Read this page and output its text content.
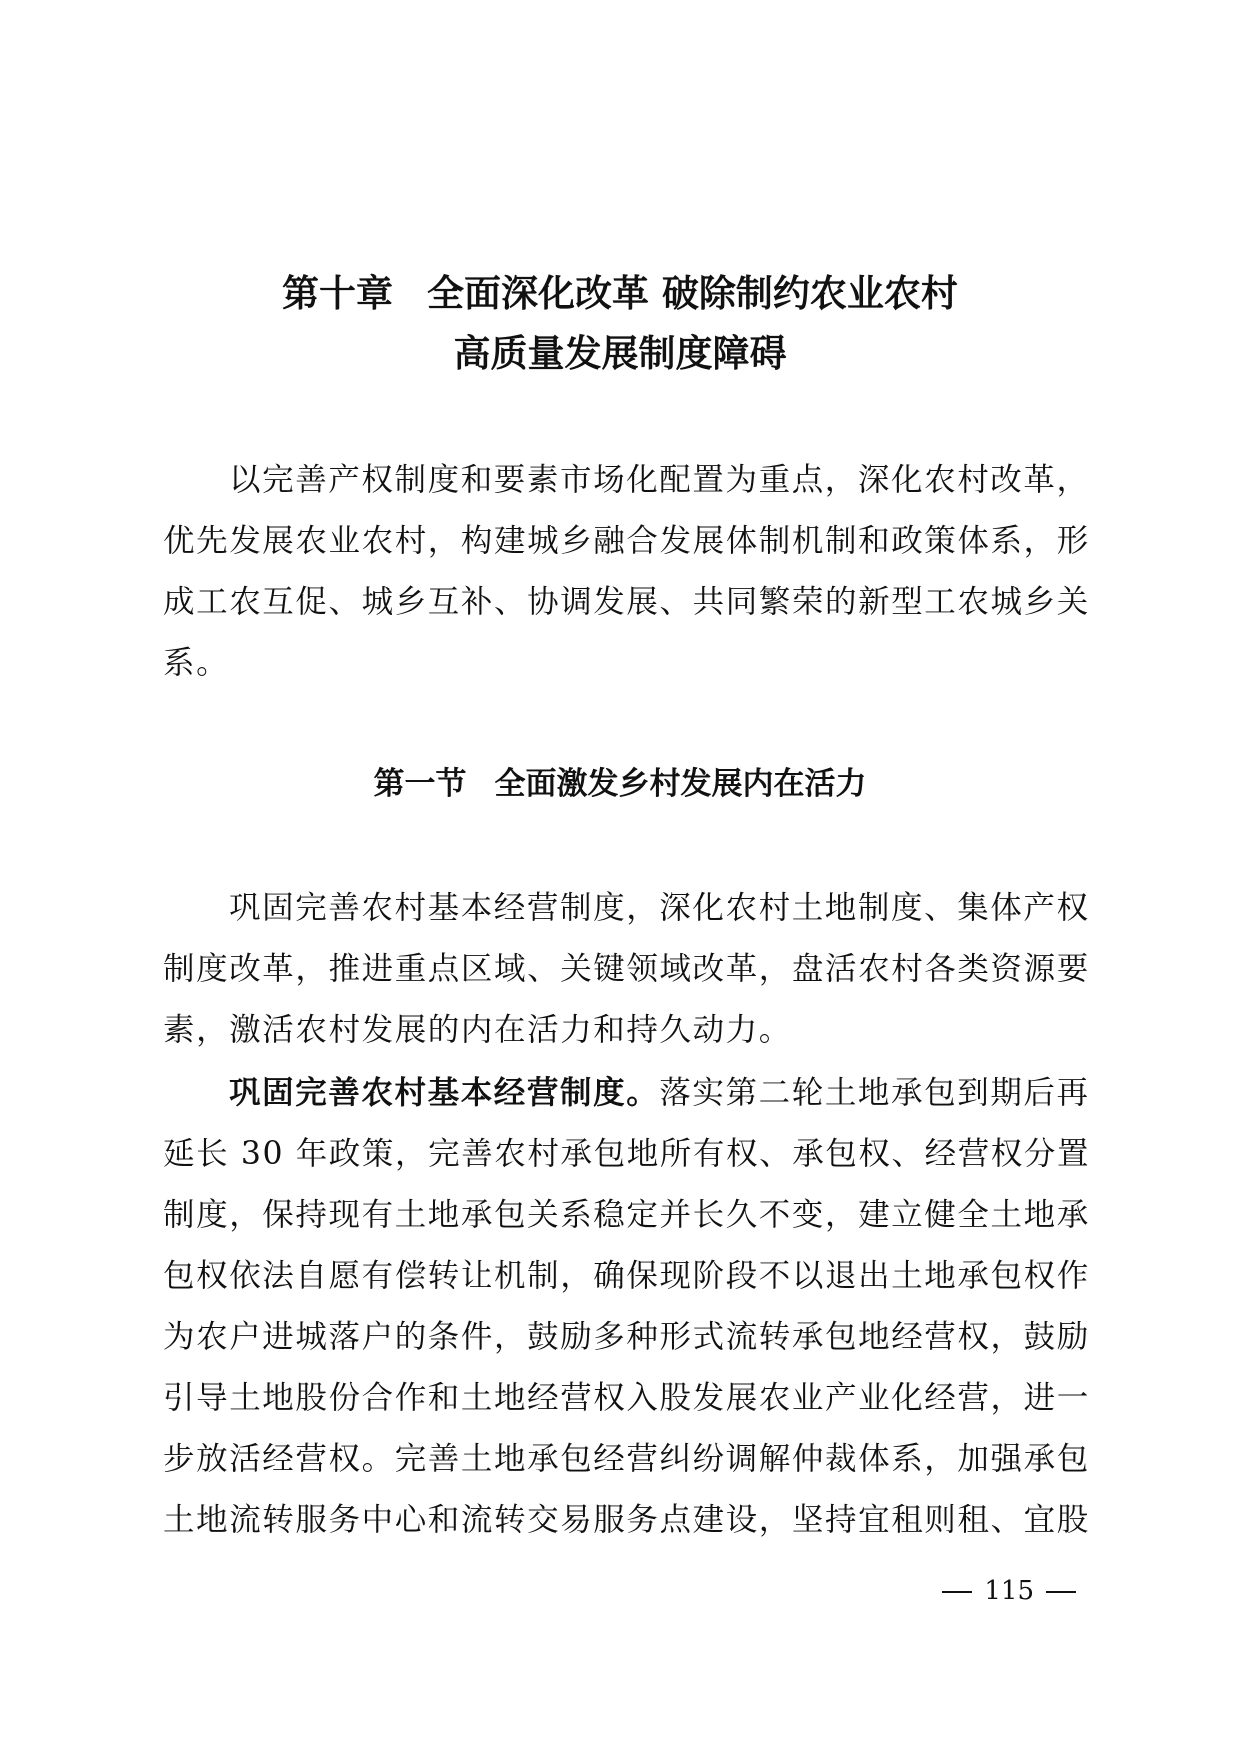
第十章 全面深化改革 破除制约农业农村
高质量发展制度障碍
以完善产权制度和要素市场化配置为重点，深化农村改革，
优先发展农业农村，构建城乡融合发展体制机制和政策体系，形
成工农互促、城乡互补、协调发展、共同繁荣的新型工农城乡关
系。
第一节 全面激发乡村发展内在活力
巩固完善农村基本经营制度，深化农村土地制度、集体产权
制度改革，推进重点区域、关键领域改革，盘活农村各类资源要
素，激活农村发展的内在活力和持久动力。
巩固完善农村基本经营制度。落实第二轮土地承包到期后再
延长 30 年政策，完善农村承包地所有权、承包权、经营权分置
制度，保持现有土地承包关系稳定并长久不变，建立健全土地承
包权依法自愿有偿转让机制，确保现阶段不以退出土地承包权作
为农户进城落户的条件，鼓励多种形式流转承包地经营权，鼓励
引导土地股份合作和土地经营权入股发展农业产业化经营，进一
步放活经营权。完善土地承包经营纠纷调解仲裁体系，加强承包
土地流转服务中心和流转交易服务点建设，坚持宜租则租、宜股
115
